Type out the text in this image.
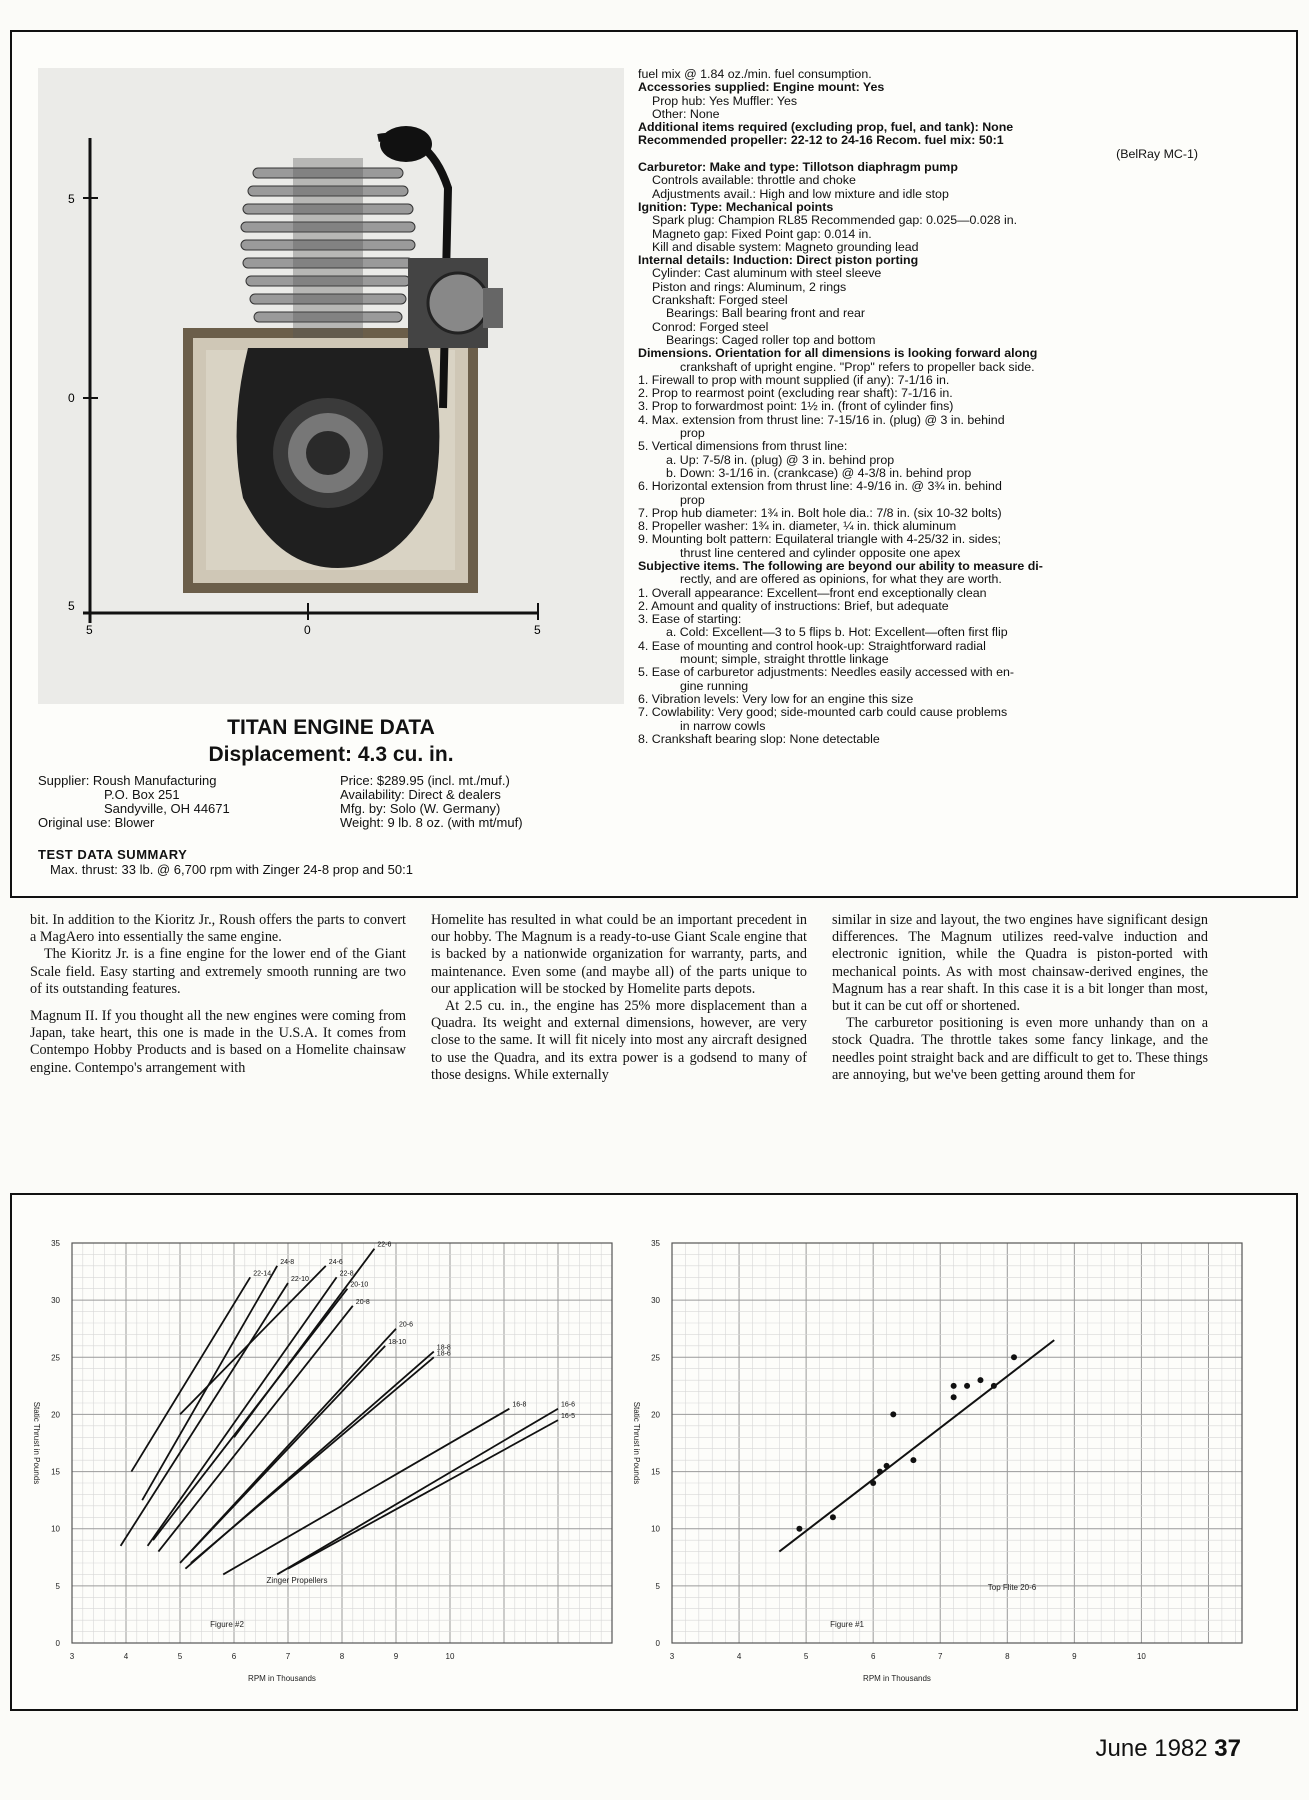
5
0
5
5	0	5
TITAN ENGINE DATA
Displacement: 4.3 cu. in.
Supplier: Roush Manufacturing	Price: $289.95 (incl. mt./muf.)
P.O. Box 251	Availability: Direct & dealers
Sandyville, OH 44671	Mfg. by: Solo (W. Germany)
Original use: Blower	Weight: 9 lb. 8 oz. (with mt/muf)
TEST DATA SUMMARY
Max. thrust: 33 lb. @ 6,700 rpm with Zinger 24-8 prop and 50:1
fuel mix @ 1.84 oz./min. fuel consumption.
Accessories supplied: Engine mount: Yes
Prop hub: Yes Muffler: Yes
Other: None
Additional items required (excluding prop, fuel, and tank): None
Recommended propeller: 22-12 to 24-16 Recom. fuel mix: 50:1
(BelRay MC-1)
Carburetor: Make and type: Tillotson diaphragm pump
Controls available: throttle and choke
Adjustments avail.: High and low mixture and idle stop
Ignition: Type: Mechanical points
Spark plug: Champion RL85 Recommended gap: 0.025—0.028 in.
Magneto gap: Fixed Point gap: 0.014 in.
Kill and disable system: Magneto grounding lead
Internal details: Induction: Direct piston porting
Cylinder: Cast aluminum with steel sleeve
Piston and rings: Aluminum, 2 rings
Crankshaft: Forged steel
Bearings: Ball bearing front and rear
Conrod: Forged steel
Bearings: Caged roller top and bottom
Dimensions. Orientation for all dimensions is looking forward along
crankshaft of upright engine. "Prop" refers to propeller back side.
1. Firewall to prop with mount supplied (if any): 7-1/16 in.
2. Prop to rearmost point (excluding rear shaft): 7-1/16 in.
3. Prop to forwardmost point: 1½ in. (front of cylinder fins)
4. Max. extension from thrust line: 7-15/16 in. (plug) @ 3 in. behind
prop
5. Vertical dimensions from thrust line:
a. Up: 7-5/8 in. (plug) @ 3 in. behind prop
b. Down: 3-1/16 in. (crankcase) @ 4-3/8 in. behind prop
6. Horizontal extension from thrust line: 4-9/16 in. @ 3¾ in. behind
prop
7. Prop hub diameter: 1¾ in. Bolt hole dia.: 7/8 in. (six 10-32 bolts)
8. Propeller washer: 1¾ in. diameter, ¼ in. thick aluminum
9. Mounting bolt pattern: Equilateral triangle with 4-25/32 in. sides;
thrust line centered and cylinder opposite one apex
Subjective items. The following are beyond our ability to measure di-
rectly, and are offered as opinions, for what they are worth.
1. Overall appearance: Excellent—front end exceptionally clean
2. Amount and quality of instructions: Brief, but adequate
3. Ease of starting:
a. Cold: Excellent—3 to 5 flips b. Hot: Excellent—often first flip
4. Ease of mounting and control hook-up: Straightforward radial
mount; simple, straight throttle linkage
5. Ease of carburetor adjustments: Needles easily accessed with en-
gine running
6. Vibration levels: Very low for an engine this size
7. Cowlability: Very good; side-mounted carb could cause problems
in narrow cowls
8. Crankshaft bearing slop: None detectable

bit. In addition to the Kioritz Jr., Roush offers the parts to convert a MagAero into essentially the same engine.

The Kioritz Jr. is a fine engine for the lower end of the Giant Scale field. Easy starting and extremely smooth running are two of its outstanding features.

Magnum II. If you thought all the new engines were coming from Japan, take heart, this one is made in the U.S.A. It comes from Contempo Hobby Products and is based on a Homelite chainsaw engine. Contempo's arrangement with

Homelite has resulted in what could be an important precedent in our hobby. The Magnum is a ready-to-use Giant Scale engine that is backed by a nationwide organization for warranty, parts, and maintenance. Even some (and maybe all) of the parts unique to our application will be stocked by Homelite parts depots.

At 2.5 cu. in., the engine has 25% more displacement than a Quadra. Its weight and external dimensions, however, are very close to the same. It will fit nicely into most any aircraft designed to use the Quadra, and its extra power is a godsend to many of those designs. While externally

similar in size and layout, the two engines have significant design differences. The Magnum utilizes reed-valve induction and electronic ignition, while the Quadra is piston-ported with mechanical points. As with most chainsaw-derived engines, the Magnum has a rear shaft. In this case it is a bit longer than most, but it can be cut off or shortened.

The carburetor positioning is even more unhandy than on a stock Quadra. The throttle takes some fancy linkage, and the needles point straight back and are difficult to get to. These things are annoying, but we've been getting around them for

3	4	5	6	7	8	9	10
35
30
25
20
15
10
5
0
RPM in Thousands
Static Thrust in Pounds
Figure #2
Zinger Propellers
22-14
24-8
22-10
24-6
22-8
20-10
22-6
20-8
20-6
18-10
18-8
18-6
16-8	16-6
16-5
3	4	5	6	7	8	9	10
35
30
25
20
15
10
5
0
RPM in Thousands
Static Thrust in Pounds
Figure #1
Top Flite 20-6
June 1982 37
